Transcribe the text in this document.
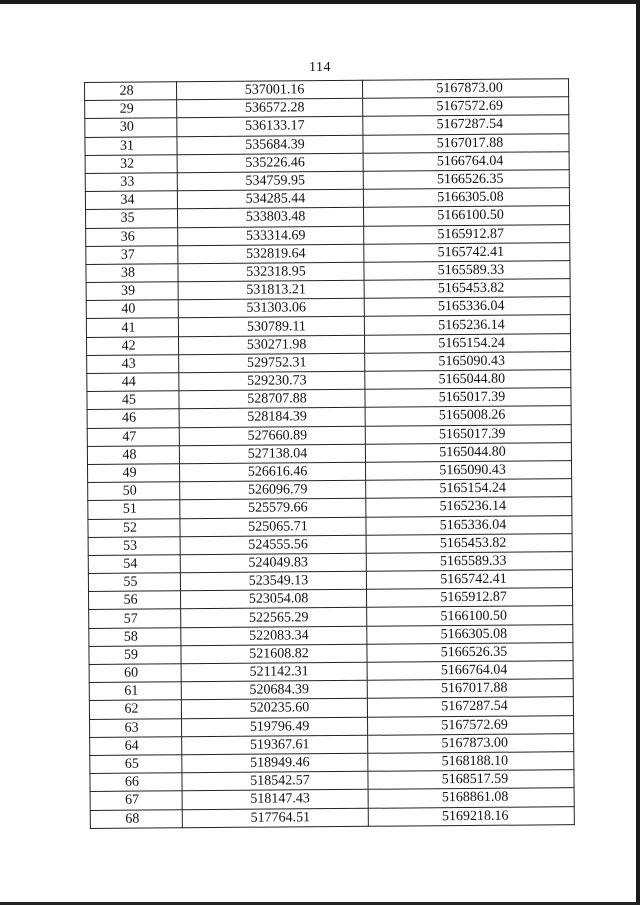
114
28	537001.16	5167873.00
29	536572.28	5167572.69
30	536133.17	5167287.54
31	535684.39	5167017.88
32	535226.46	5166764.04
33	534759.95	5166526.35
34	534285.44	5166305.08
35	533803.48	5166100.50
36	533314.69	5165912.87
37	532819.64	5165742.41
38	532318.95	5165589.33
39	531813.21	5165453.82
40	531303.06	5165336.04
41	530789.11	5165236.14
42	530271.98	5165154.24
43	529752.31	5165090.43
44	529230.73	5165044.80
45	528707.88	5165017.39
46	528184.39	5165008.26
47	527660.89	5165017.39
48	527138.04	5165044.80
49	526616.46	5165090.43
50	526096.79	5165154.24
51	525579.66	5165236.14
52	525065.71	5165336.04
53	524555.56	5165453.82
54	524049.83	5165589.33
55	523549.13	5165742.41
56	523054.08	5165912.87
57	522565.29	5166100.50
58	522083.34	5166305.08
59	521608.82	5166526.35
60	521142.31	5166764.04
61	520684.39	5167017.88
62	520235.60	5167287.54
63	519796.49	5167572.69
64	519367.61	5167873.00
65	518949.46	5168188.10
66	518542.57	5168517.59
67	518147.43	5168861.08
68	517764.51	5169218.16
